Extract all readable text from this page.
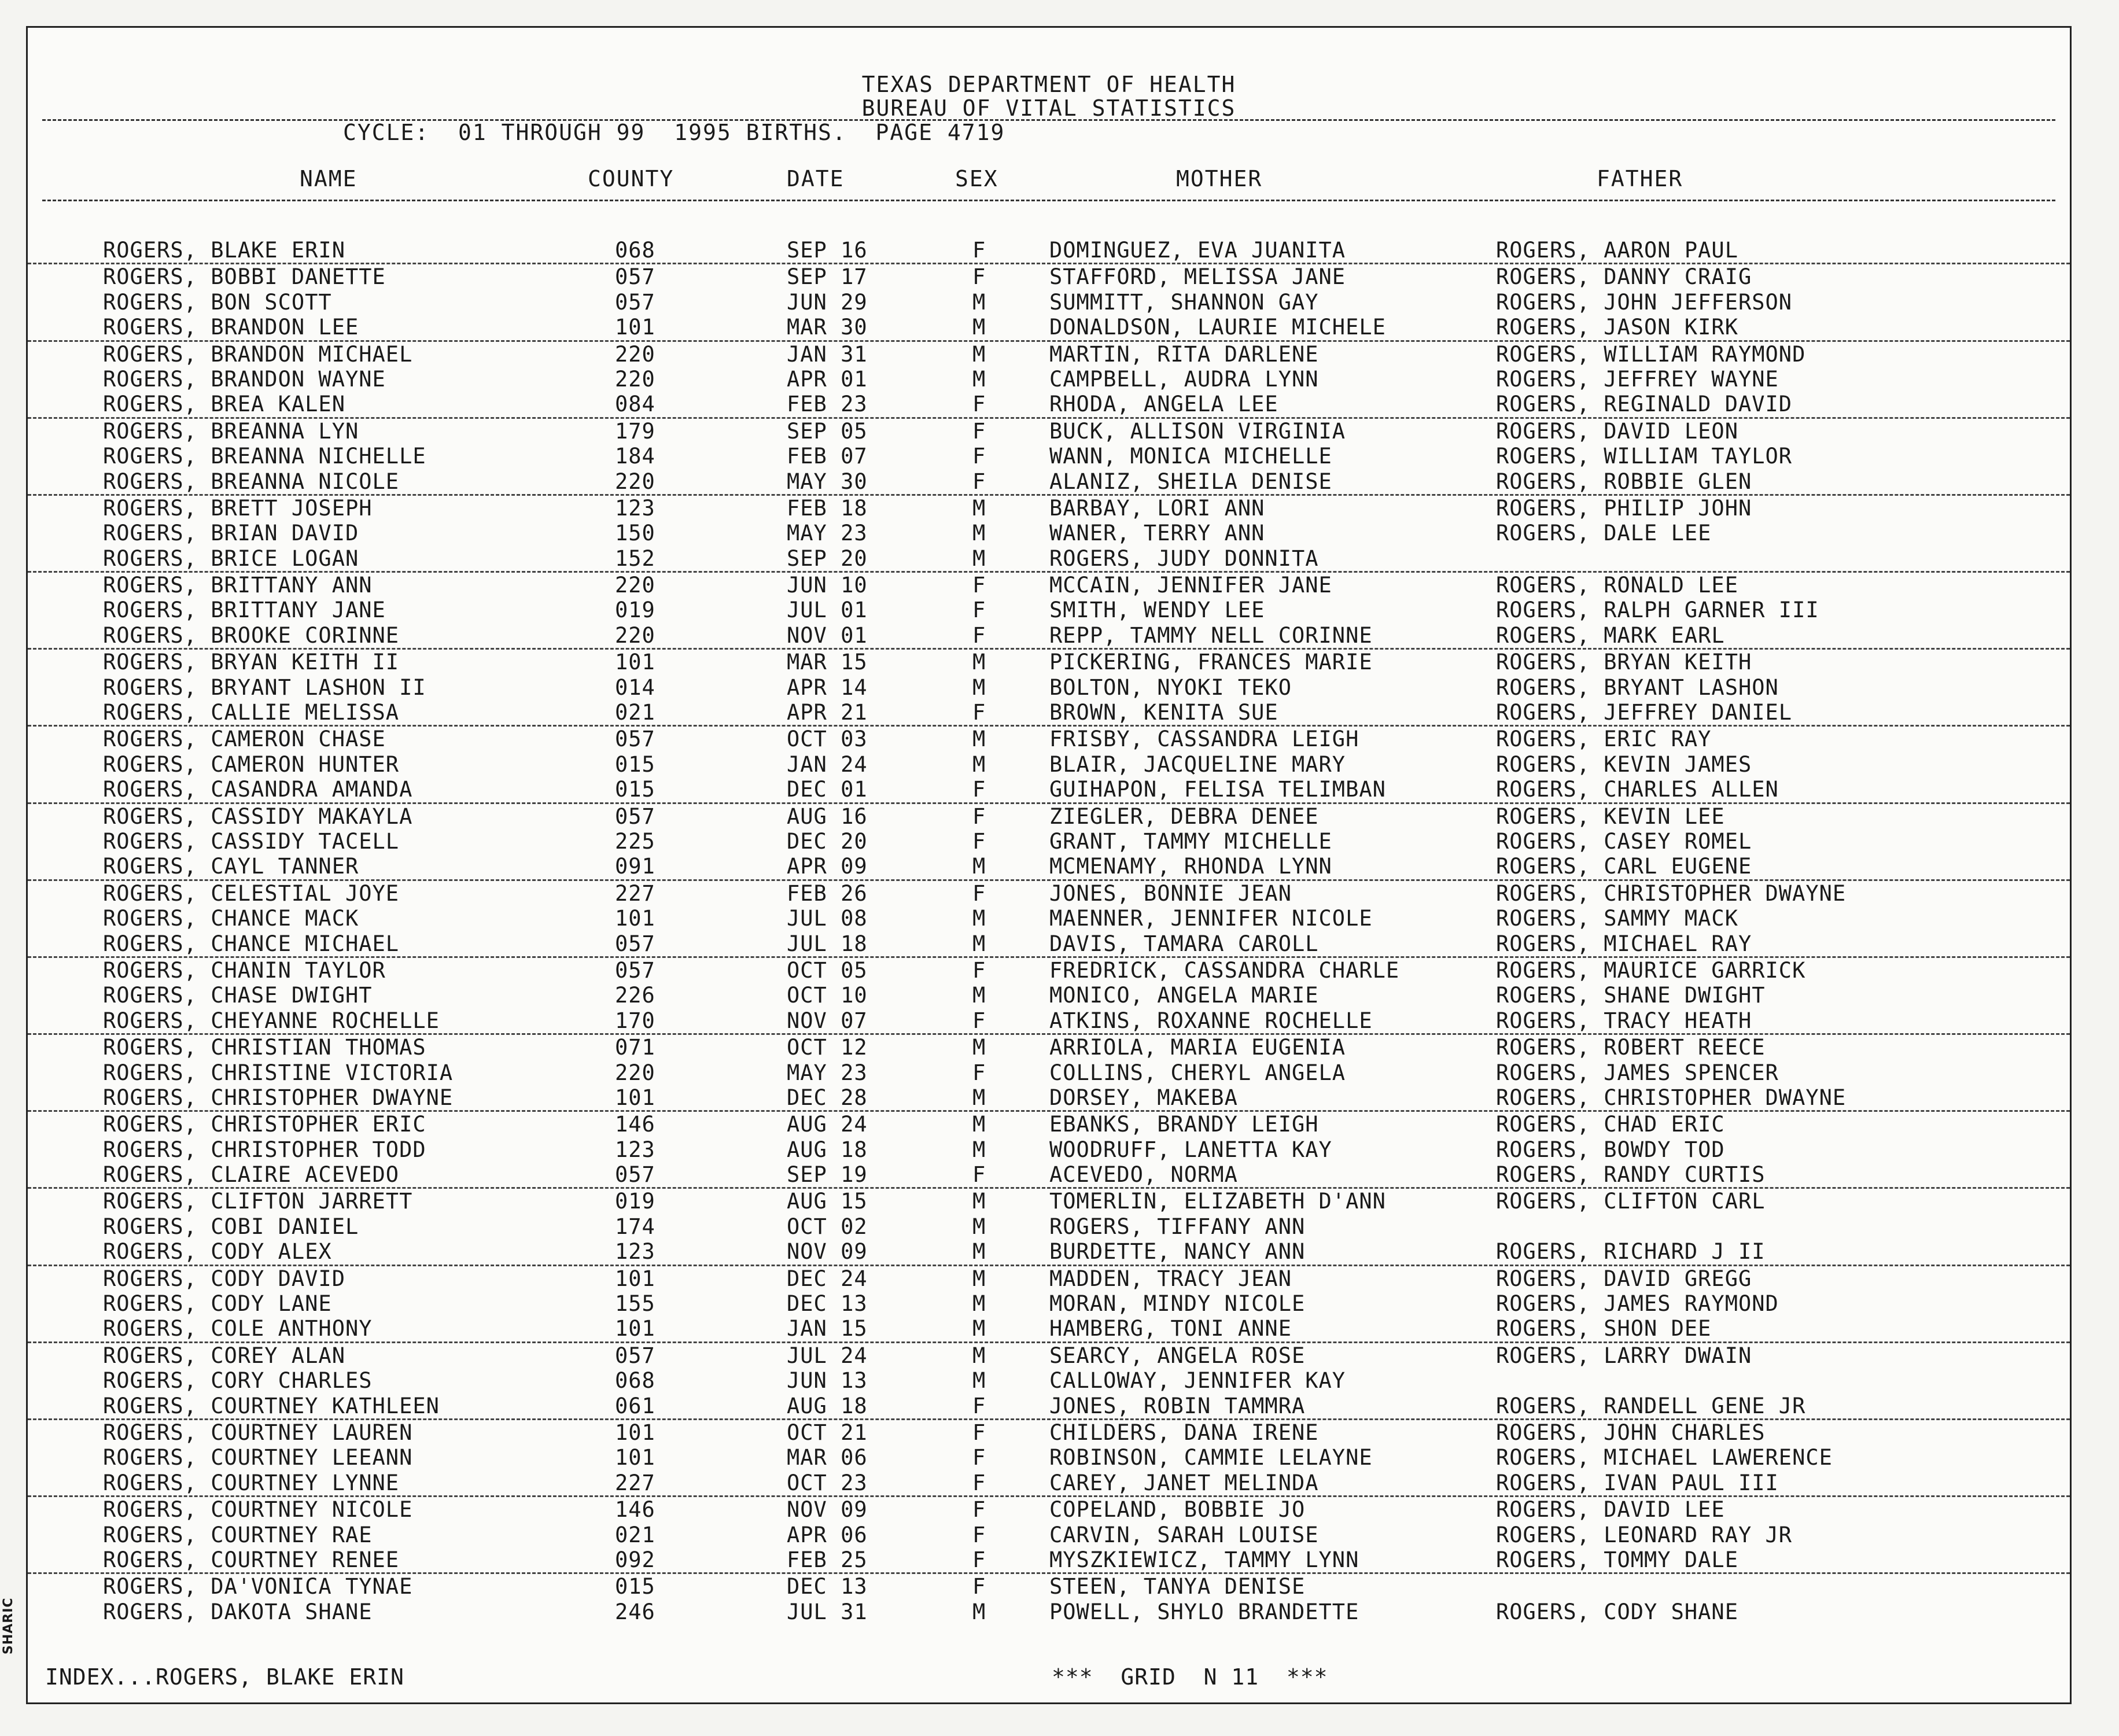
TEXAS DEPARTMENT OF HEALTH
BUREAU OF VITAL STATISTICS
CYCLE:  01 THROUGH 99  1995 BIRTHS.  PAGE 4719
NAME	COUNTY	DATE	SEX	MOTHER	FATHER
ROGERS, BLAKE ERIN	068	SEP 16	F	DOMINGUEZ, EVA JUANITA	ROGERS, AARON PAUL
ROGERS, BOBBI DANETTE	057	SEP 17	F	STAFFORD, MELISSA JANE	ROGERS, DANNY CRAIG
ROGERS, BON SCOTT	057	JUN 29	M	SUMMITT, SHANNON GAY	ROGERS, JOHN JEFFERSON
ROGERS, BRANDON LEE	101	MAR 30	M	DONALDSON, LAURIE MICHELE	ROGERS, JASON KIRK
ROGERS, BRANDON MICHAEL	220	JAN 31	M	MARTIN, RITA DARLENE	ROGERS, WILLIAM RAYMOND
ROGERS, BRANDON WAYNE	220	APR 01	M	CAMPBELL, AUDRA LYNN	ROGERS, JEFFREY WAYNE
ROGERS, BREA KALEN	084	FEB 23	F	RHODA, ANGELA LEE	ROGERS, REGINALD DAVID
ROGERS, BREANNA LYN	179	SEP 05	F	BUCK, ALLISON VIRGINIA	ROGERS, DAVID LEON
ROGERS, BREANNA NICHELLE	184	FEB 07	F	WANN, MONICA MICHELLE	ROGERS, WILLIAM TAYLOR
ROGERS, BREANNA NICOLE	220	MAY 30	F	ALANIZ, SHEILA DENISE	ROGERS, ROBBIE GLEN
ROGERS, BRETT JOSEPH	123	FEB 18	M	BARBAY, LORI ANN	ROGERS, PHILIP JOHN
ROGERS, BRIAN DAVID	150	MAY 23	M	WANER, TERRY ANN	ROGERS, DALE LEE
ROGERS, BRICE LOGAN	152	SEP 20	M	ROGERS, JUDY DONNITA
ROGERS, BRITTANY ANN	220	JUN 10	F	MCCAIN, JENNIFER JANE	ROGERS, RONALD LEE
ROGERS, BRITTANY JANE	019	JUL 01	F	SMITH, WENDY LEE	ROGERS, RALPH GARNER III
ROGERS, BROOKE CORINNE	220	NOV 01	F	REPP, TAMMY NELL CORINNE	ROGERS, MARK EARL
ROGERS, BRYAN KEITH II	101	MAR 15	M	PICKERING, FRANCES MARIE	ROGERS, BRYAN KEITH
ROGERS, BRYANT LASHON II	014	APR 14	M	BOLTON, NYOKI TEKO	ROGERS, BRYANT LASHON
ROGERS, CALLIE MELISSA	021	APR 21	F	BROWN, KENITA SUE	ROGERS, JEFFREY DANIEL
ROGERS, CAMERON CHASE	057	OCT 03	M	FRISBY, CASSANDRA LEIGH	ROGERS, ERIC RAY
ROGERS, CAMERON HUNTER	015	JAN 24	M	BLAIR, JACQUELINE MARY	ROGERS, KEVIN JAMES
ROGERS, CASANDRA AMANDA	015	DEC 01	F	GUIHAPON, FELISA TELIMBAN	ROGERS, CHARLES ALLEN
ROGERS, CASSIDY MAKAYLA	057	AUG 16	F	ZIEGLER, DEBRA DENEE	ROGERS, KEVIN LEE
ROGERS, CASSIDY TACELL	225	DEC 20	F	GRANT, TAMMY MICHELLE	ROGERS, CASEY ROMEL
ROGERS, CAYL TANNER	091	APR 09	M	MCMENAMY, RHONDA LYNN	ROGERS, CARL EUGENE
ROGERS, CELESTIAL JOYE	227	FEB 26	F	JONES, BONNIE JEAN	ROGERS, CHRISTOPHER DWAYNE
ROGERS, CHANCE MACK	101	JUL 08	M	MAENNER, JENNIFER NICOLE	ROGERS, SAMMY MACK
ROGERS, CHANCE MICHAEL	057	JUL 18	M	DAVIS, TAMARA CAROLL	ROGERS, MICHAEL RAY
ROGERS, CHANIN TAYLOR	057	OCT 05	F	FREDRICK, CASSANDRA CHARLE	ROGERS, MAURICE GARRICK
ROGERS, CHASE DWIGHT	226	OCT 10	M	MONICO, ANGELA MARIE	ROGERS, SHANE DWIGHT
ROGERS, CHEYANNE ROCHELLE	170	NOV 07	F	ATKINS, ROXANNE ROCHELLE	ROGERS, TRACY HEATH
ROGERS, CHRISTIAN THOMAS	071	OCT 12	M	ARRIOLA, MARIA EUGENIA	ROGERS, ROBERT REECE
ROGERS, CHRISTINE VICTORIA	220	MAY 23	F	COLLINS, CHERYL ANGELA	ROGERS, JAMES SPENCER
ROGERS, CHRISTOPHER DWAYNE	101	DEC 28	M	DORSEY, MAKEBA	ROGERS, CHRISTOPHER DWAYNE
ROGERS, CHRISTOPHER ERIC	146	AUG 24	M	EBANKS, BRANDY LEIGH	ROGERS, CHAD ERIC
ROGERS, CHRISTOPHER TODD	123	AUG 18	M	WOODRUFF, LANETTA KAY	ROGERS, BOWDY TOD
ROGERS, CLAIRE ACEVEDO	057	SEP 19	F	ACEVEDO, NORMA	ROGERS, RANDY CURTIS
ROGERS, CLIFTON JARRETT	019	AUG 15	M	TOMERLIN, ELIZABETH D'ANN	ROGERS, CLIFTON CARL
ROGERS, COBI DANIEL	174	OCT 02	M	ROGERS, TIFFANY ANN
ROGERS, CODY ALEX	123	NOV 09	M	BURDETTE, NANCY ANN	ROGERS, RICHARD J II
ROGERS, CODY DAVID	101	DEC 24	M	MADDEN, TRACY JEAN	ROGERS, DAVID GREGG
ROGERS, CODY LANE	155	DEC 13	M	MORAN, MINDY NICOLE	ROGERS, JAMES RAYMOND
ROGERS, COLE ANTHONY	101	JAN 15	M	HAMBERG, TONI ANNE	ROGERS, SHON DEE
ROGERS, COREY ALAN	057	JUL 24	M	SEARCY, ANGELA ROSE	ROGERS, LARRY DWAIN
ROGERS, CORY CHARLES	068	JUN 13	M	CALLOWAY, JENNIFER KAY
ROGERS, COURTNEY KATHLEEN	061	AUG 18	F	JONES, ROBIN TAMMRA	ROGERS, RANDELL GENE JR
ROGERS, COURTNEY LAUREN	101	OCT 21	F	CHILDERS, DANA IRENE	ROGERS, JOHN CHARLES
ROGERS, COURTNEY LEEANN	101	MAR 06	F	ROBINSON, CAMMIE LELAYNE	ROGERS, MICHAEL LAWERENCE
ROGERS, COURTNEY LYNNE	227	OCT 23	F	CAREY, JANET MELINDA	ROGERS, IVAN PAUL III
ROGERS, COURTNEY NICOLE	146	NOV 09	F	COPELAND, BOBBIE JO	ROGERS, DAVID LEE
ROGERS, COURTNEY RAE	021	APR 06	F	CARVIN, SARAH LOUISE	ROGERS, LEONARD RAY JR
ROGERS, COURTNEY RENEE	092	FEB 25	F	MYSZKIEWICZ, TAMMY LYNN	ROGERS, TOMMY DALE
ROGERS, DA'VONICA TYNAE	015	DEC 13	F	STEEN, TANYA DENISE
ROGERS, DAKOTA SHANE	246	JUL 31	M	POWELL, SHYLO BRANDETTE	ROGERS, CODY SHANE
INDEX...ROGERS, BLAKE ERIN	***  GRID  N 11  ***
SHARIC
